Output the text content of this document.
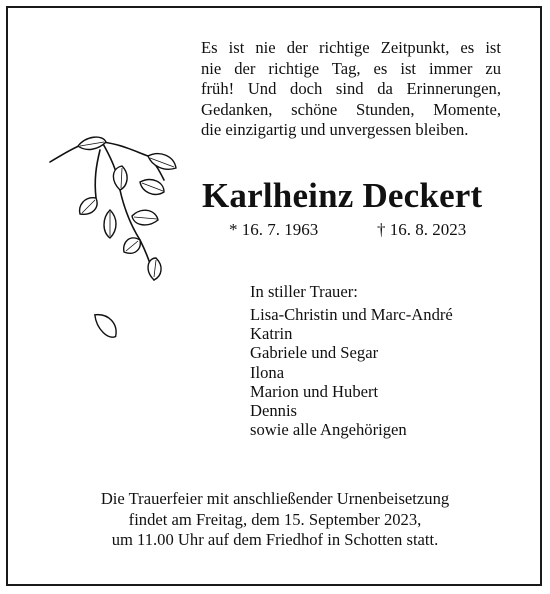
Es ist nie der richtige Zeitpunkt, es ist
nie der richtige Tag, es ist immer zu
früh! Und doch sind da Erinnerungen,
Gedanken, schöne Stunden, Momente,
die einzigartig und unvergessen bleiben.
Karlheinz Deckert
* 16. 7. 1963	† 16. 8. 2023
In stiller Trauer:
Lisa-Christin und Marc-André
Katrin
Gabriele und Segar
Ilona
Marion und Hubert
Dennis
sowie alle Angehörigen
Die Trauerfeier mit anschließender Urnenbeisetzung
findet am Freitag, dem 15. September 2023,
um 11.00 Uhr auf dem Friedhof in Schotten statt.
